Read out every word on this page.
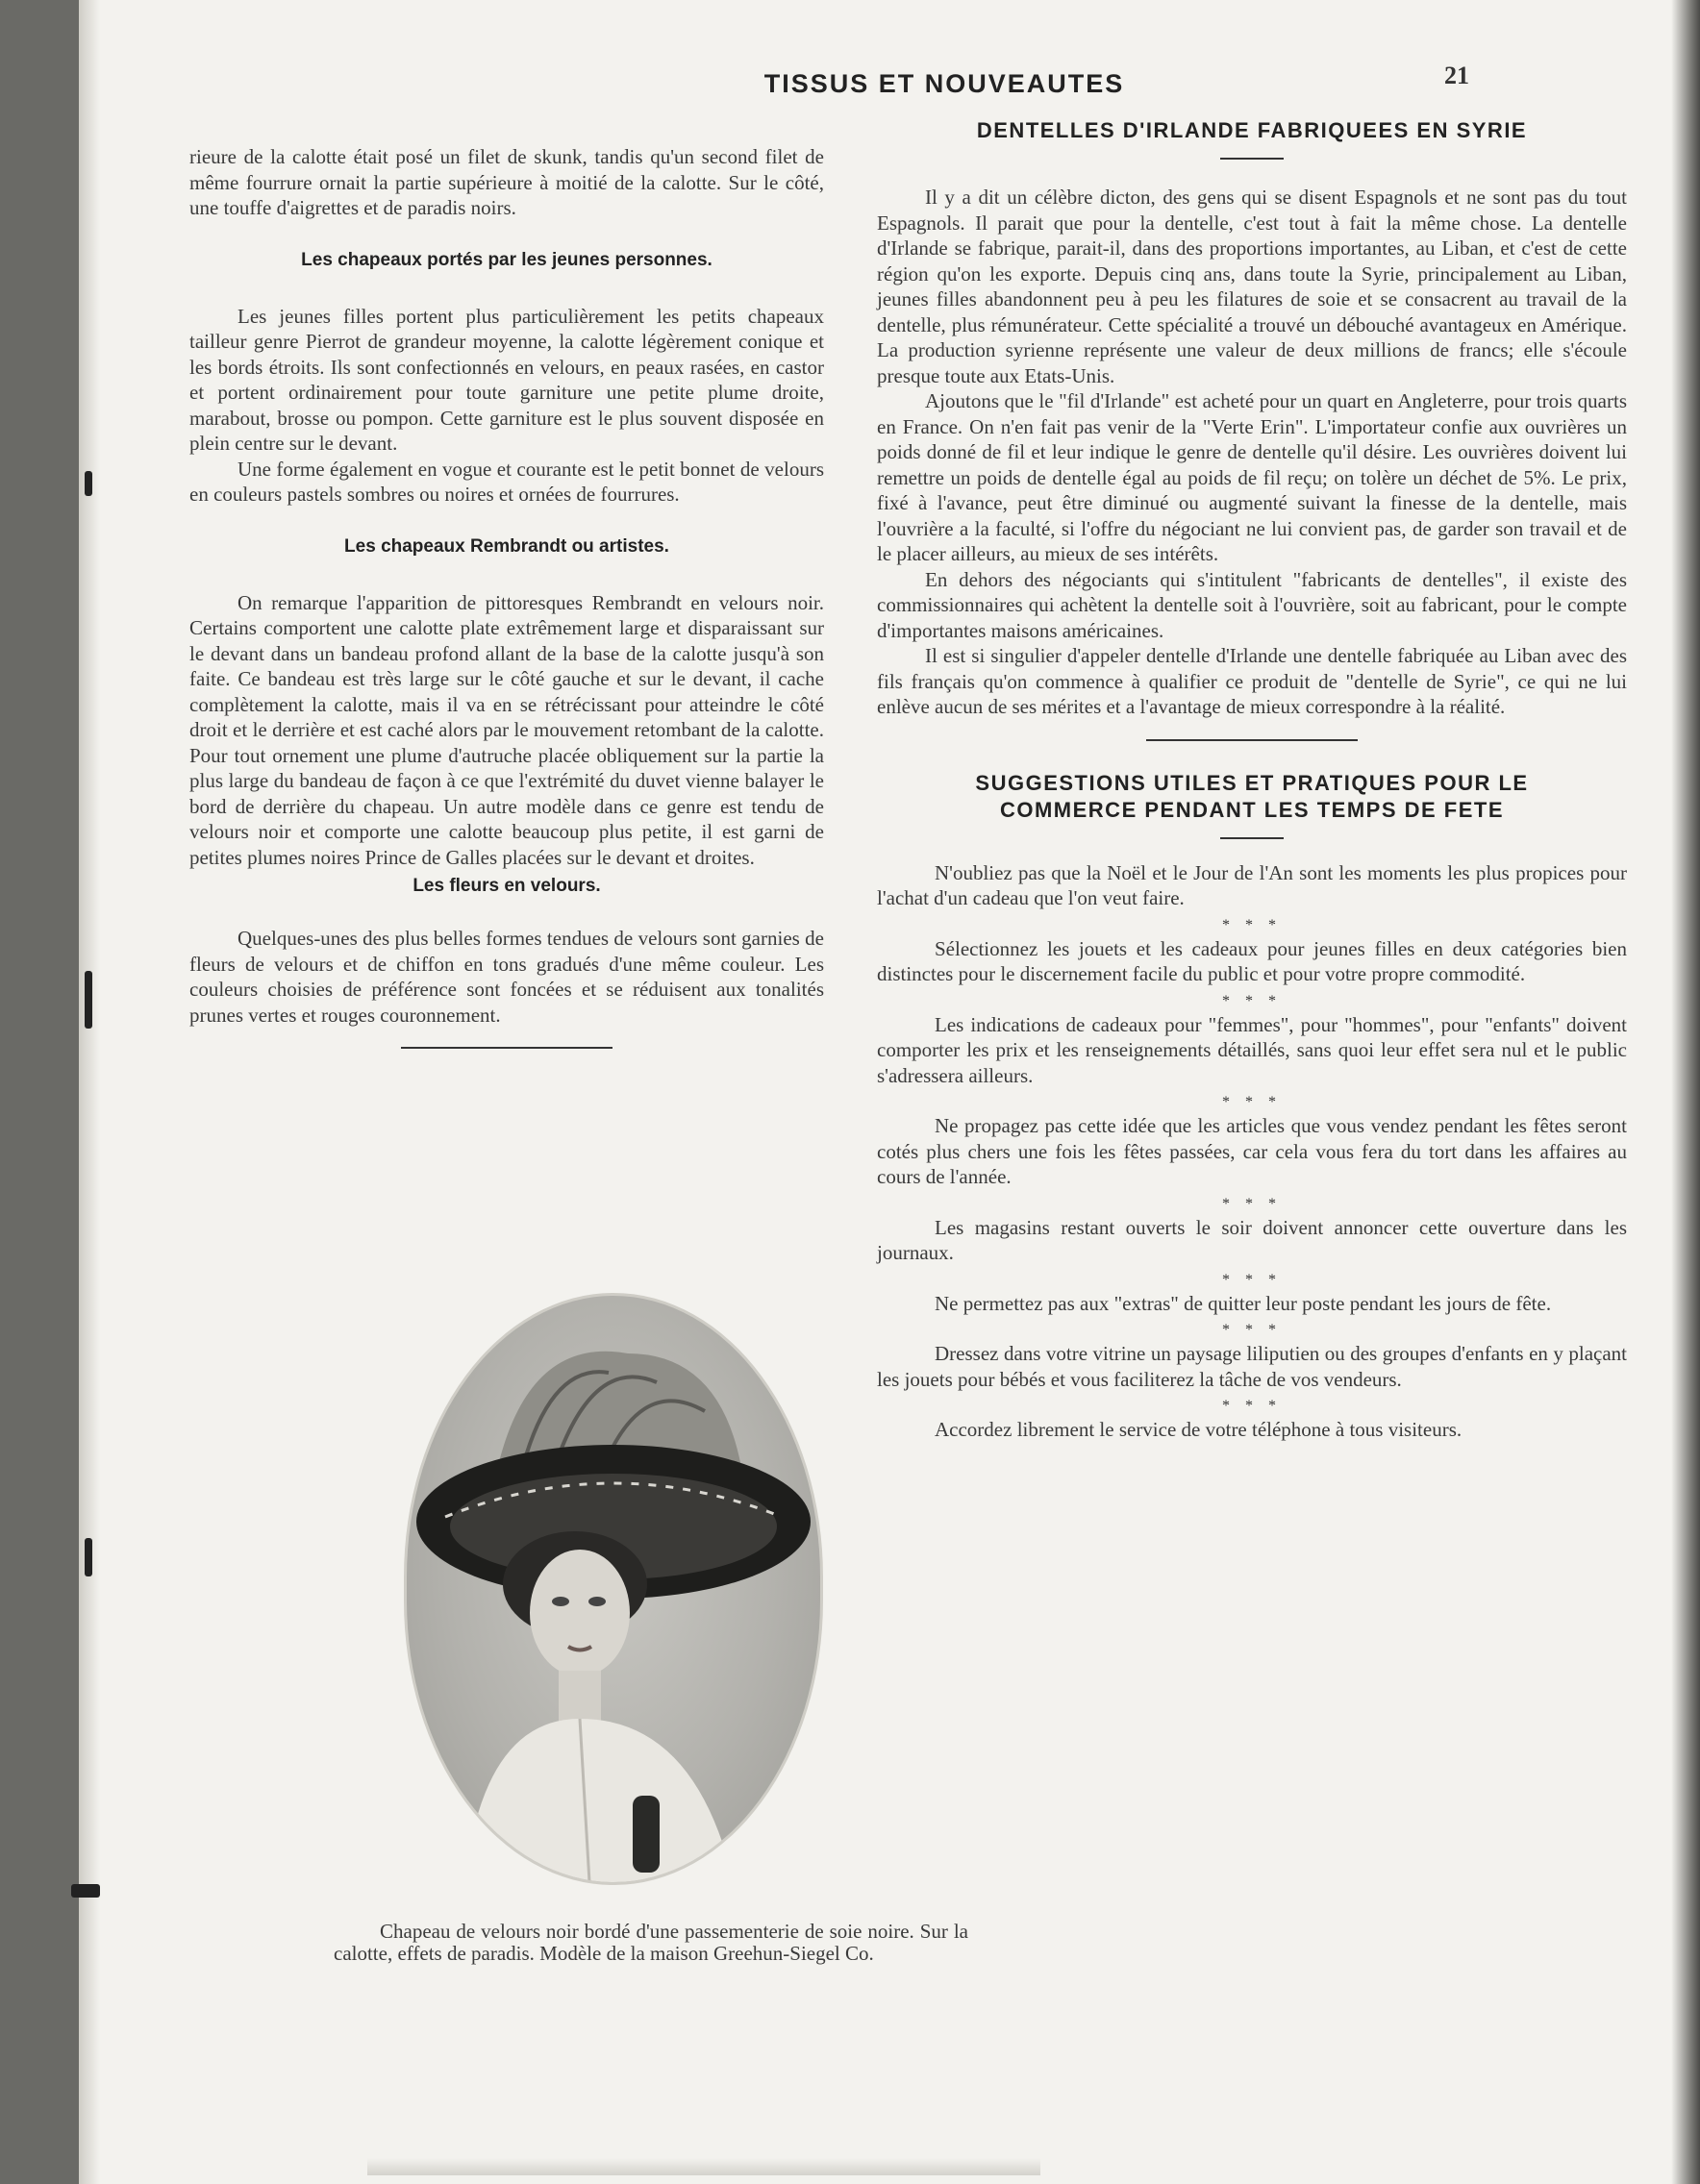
TISSUS ET NOUVEAUTES	21

rieure de la calotte était posé un filet de skunk, tandis qu'un second filet de même fourrure ornait la partie supérieure à moitié de la calotte. Sur le côté, une touffe d'aigrettes et de paradis noirs.

Les chapeaux portés par les jeunes personnes.

Les jeunes filles portent plus particulièrement les petits chapeaux tailleur genre Pierrot de grandeur moyenne, la calotte légèrement conique et les bords étroits. Ils sont confectionnés en velours, en peaux rasées, en castor et portent ordinairement pour toute garniture une petite plume droite, marabout, brosse ou pompon. Cette garniture est le plus souvent disposée en plein centre sur le devant.

Une forme également en vogue et courante est le petit bonnet de velours en couleurs pastels sombres ou noires et ornées de fourrures.

Les chapeaux Rembrandt ou artistes.

On remarque l'apparition de pittoresques Rembrandt en velours noir. Certains comportent une calotte plate extrêmement large et disparaissant sur le devant dans un bandeau profond allant de la base de la calotte jusqu'à son faite. Ce bandeau est très large sur le côté gauche et sur le devant, il cache complètement la calotte, mais il va en se rétrécissant pour atteindre le côté droit et le derrière et est caché alors par le mouvement retombant de la calotte. Pour tout ornement une plume d'autruche placée obliquement sur la partie la plus large du bandeau de façon à ce que l'extrémité du duvet vienne balayer le bord de derrière du chapeau. Un autre modèle dans ce genre est tendu de velours noir et comporte une calotte beaucoup plus petite, il est garni de petites plumes noires Prince de Galles placées sur le devant et droites.

Les fleurs en velours.

Quelques-unes des plus belles formes tendues de velours sont garnies de fleurs de velours et de chiffon en tons gradués d'une même couleur. Les couleurs choisies de préférence sont foncées et se réduisent aux tonalités prunes vertes et rouges couronnement.

Chapeau de velours noir bordé d'une passementerie de soie noire. Sur la calotte, effets de paradis. Modèle de la maison Greehun-Siegel Co.
DENTELLES D'IRLANDE FABRIQUEES EN SYRIE

Il y a dit un célèbre dicton, des gens qui se disent Espagnols et ne sont pas du tout Espagnols. Il parait que pour la dentelle, c'est tout à fait la même chose. La dentelle d'Irlande se fabrique, parait-il, dans des proportions importantes, au Liban, et c'est de cette région qu'on les exporte. Depuis cinq ans, dans toute la Syrie, principalement au Liban, jeunes filles abandonnent peu à peu les filatures de soie et se consacrent au travail de la dentelle, plus rémunérateur. Cette spécialité a trouvé un débouché avantageux en Amérique. La production syrienne représente une valeur de deux millions de francs; elle s'écoule presque toute aux Etats-Unis.

Ajoutons que le "fil d'Irlande" est acheté pour un quart en Angleterre, pour trois quarts en France. On n'en fait pas venir de la "Verte Erin". L'importateur confie aux ouvrières un poids donné de fil et leur indique le genre de dentelle qu'il désire. Les ouvrières doivent lui remettre un poids de dentelle égal au poids de fil reçu; on tolère un déchet de 5%. Le prix, fixé à l'avance, peut être diminué ou augmenté suivant la finesse de la dentelle, mais l'ouvrière a la faculté, si l'offre du négociant ne lui convient pas, de garder son travail et de le placer ailleurs, au mieux de ses intérêts.

En dehors des négociants qui s'intitulent "fabricants de dentelles", il existe des commissionnaires qui achètent la dentelle soit à l'ouvrière, soit au fabricant, pour le compte d'importantes maisons américaines.

Il est si singulier d'appeler dentelle d'Irlande une dentelle fabriquée au Liban avec des fils français qu'on commence à qualifier ce produit de "dentelle de Syrie", ce qui ne lui enlève aucun de ses mérites et a l'avantage de mieux correspondre à la réalité.

SUGGESTIONS UTILES ET PRATIQUES POUR LE
COMMERCE PENDANT LES TEMPS DE FETE

N'oubliez pas que la Noël et le Jour de l'An sont les moments les plus propices pour l'achat d'un cadeau que l'on veut faire.

* * *

Sélectionnez les jouets et les cadeaux pour jeunes filles en deux catégories bien distinctes pour le discernement facile du public et pour votre propre commodité.

* * *

Les indications de cadeaux pour "femmes", pour "hommes", pour "enfants" doivent comporter les prix et les renseignements détaillés, sans quoi leur effet sera nul et le public s'adressera ailleurs.

* * *

Ne propagez pas cette idée que les articles que vous vendez pendant les fêtes seront cotés plus chers une fois les fêtes passées, car cela vous fera du tort dans les affaires au cours de l'année.

* * *

Les magasins restant ouverts le soir doivent annoncer cette ouverture dans les journaux.

* * *

Ne permettez pas aux "extras" de quitter leur poste pendant les jours de fête.

* * *

Dressez dans votre vitrine un paysage liliputien ou des groupes d'enfants en y plaçant les jouets pour bébés et vous faciliterez la tâche de vos vendeurs.

* * *

Accordez librement le service de votre téléphone à tous visiteurs.
